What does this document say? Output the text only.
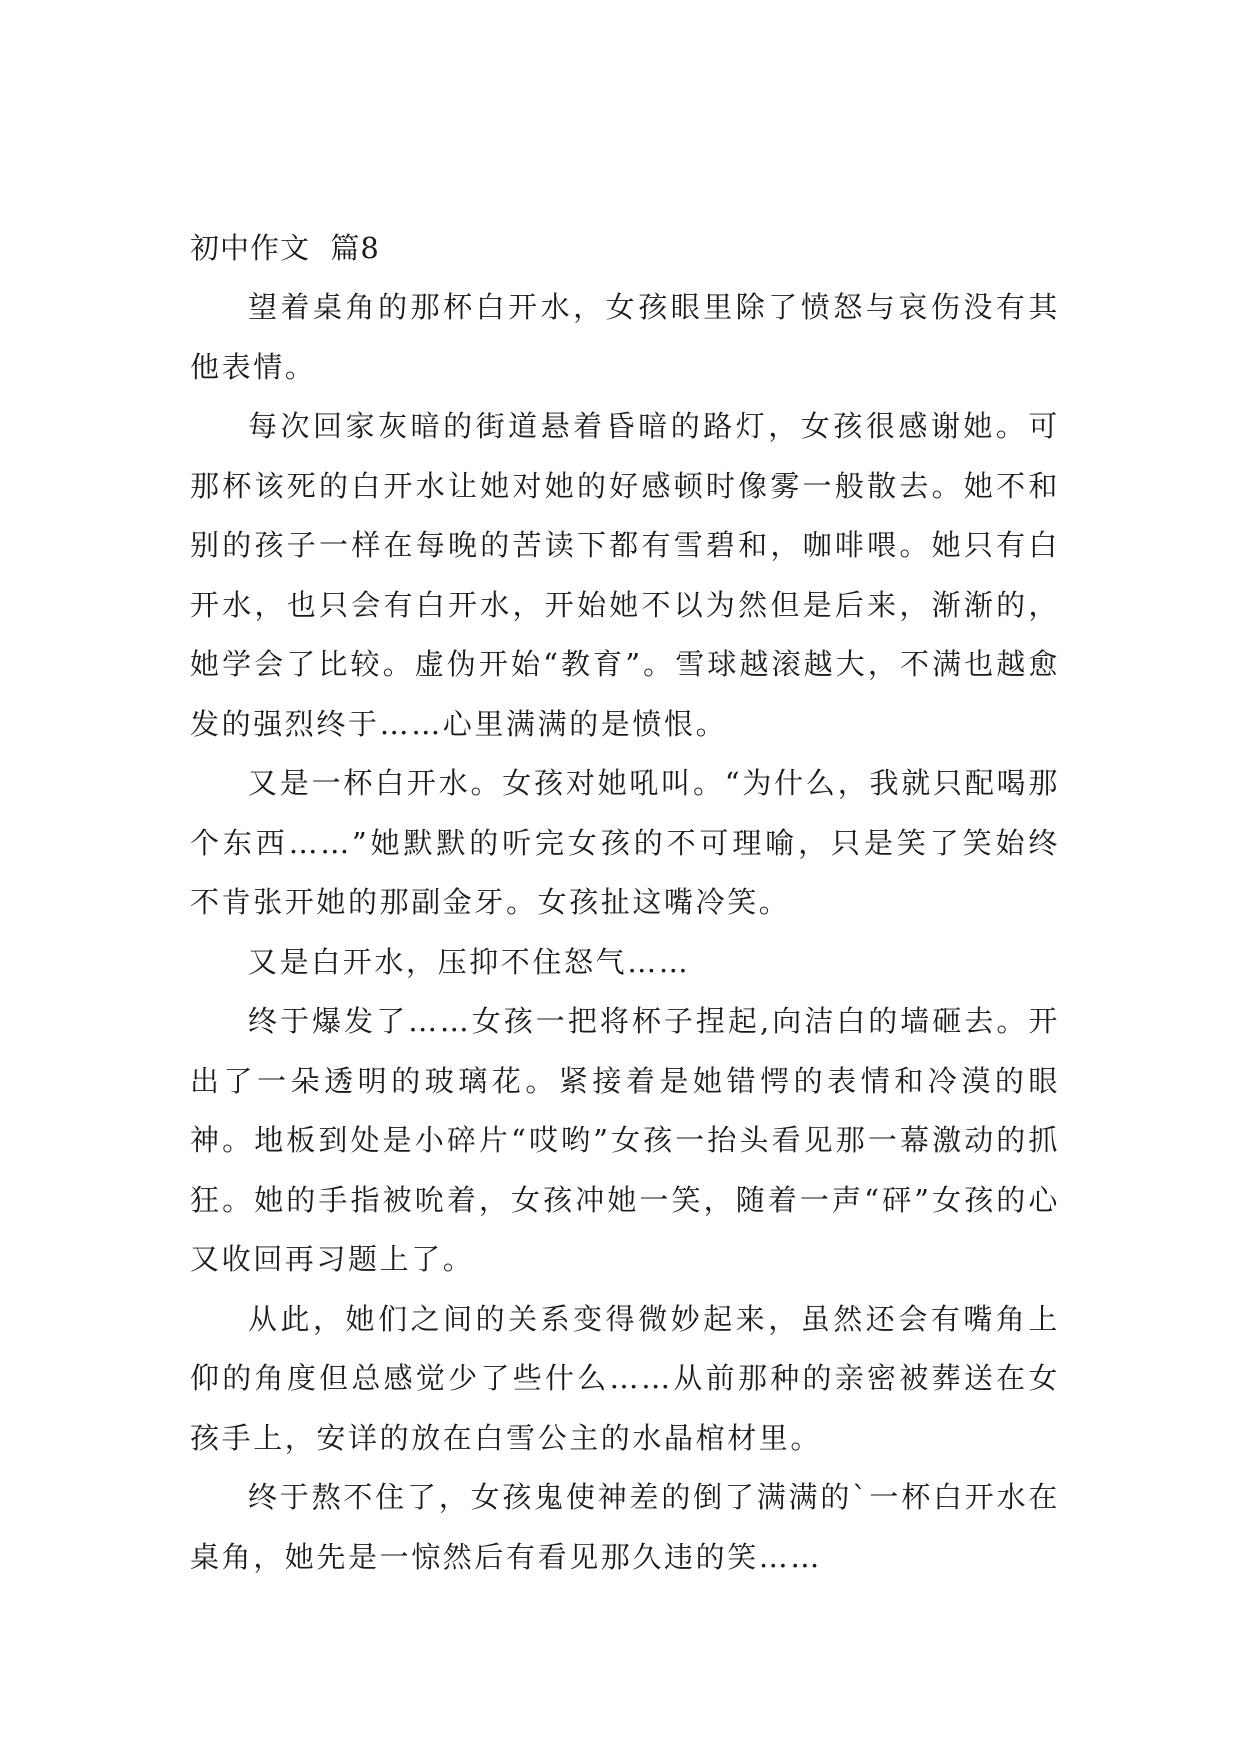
初中作文  篇8

望着桌角的那杯白开水，女孩眼里除了愤怒与哀伤没有其他表情。

每次回家灰暗的街道悬着昏暗的路灯，女孩很感谢她。可那杯该死的白开水让她对她的好感顿时像雾一般散去。她不和别的孩子一样在每晚的苦读下都有雪碧和，咖啡喂。她只有白开水，也只会有白开水，开始她不以为然但是后来，渐渐的，她学会了比较。虚伪开始“教育”。雪球越滚越大，不满也越愈发的强烈终于……心里满满的是愤恨。

又是一杯白开水。女孩对她吼叫。“为什么，我就只配喝那个东西……”她默默的听完女孩的不可理喻，只是笑了笑始终不肯张开她的那副金牙。女孩扯这嘴冷笑。

又是白开水，压抑不住怒气……

终于爆发了……女孩一把将杯子捏起,向洁白的墙砸去。开出了一朵透明的玻璃花。紧接着是她错愕的表情和冷漠的眼神。地板到处是小碎片“哎哟”女孩一抬头看见那一幕激动的抓狂。她的手指被吮着，女孩冲她一笑，随着一声“砰”女孩的心又收回再习题上了。

从此，她们之间的关系变得微妙起来，虽然还会有嘴角上仰的角度但总感觉少了些什么……从前那种的亲密被葬送在女孩手上，安详的放在白雪公主的水晶棺材里。

终于熬不住了，女孩鬼使神差的倒了满满的`一杯白开水在桌角，她先是一惊然后有看见那久违的笑……
